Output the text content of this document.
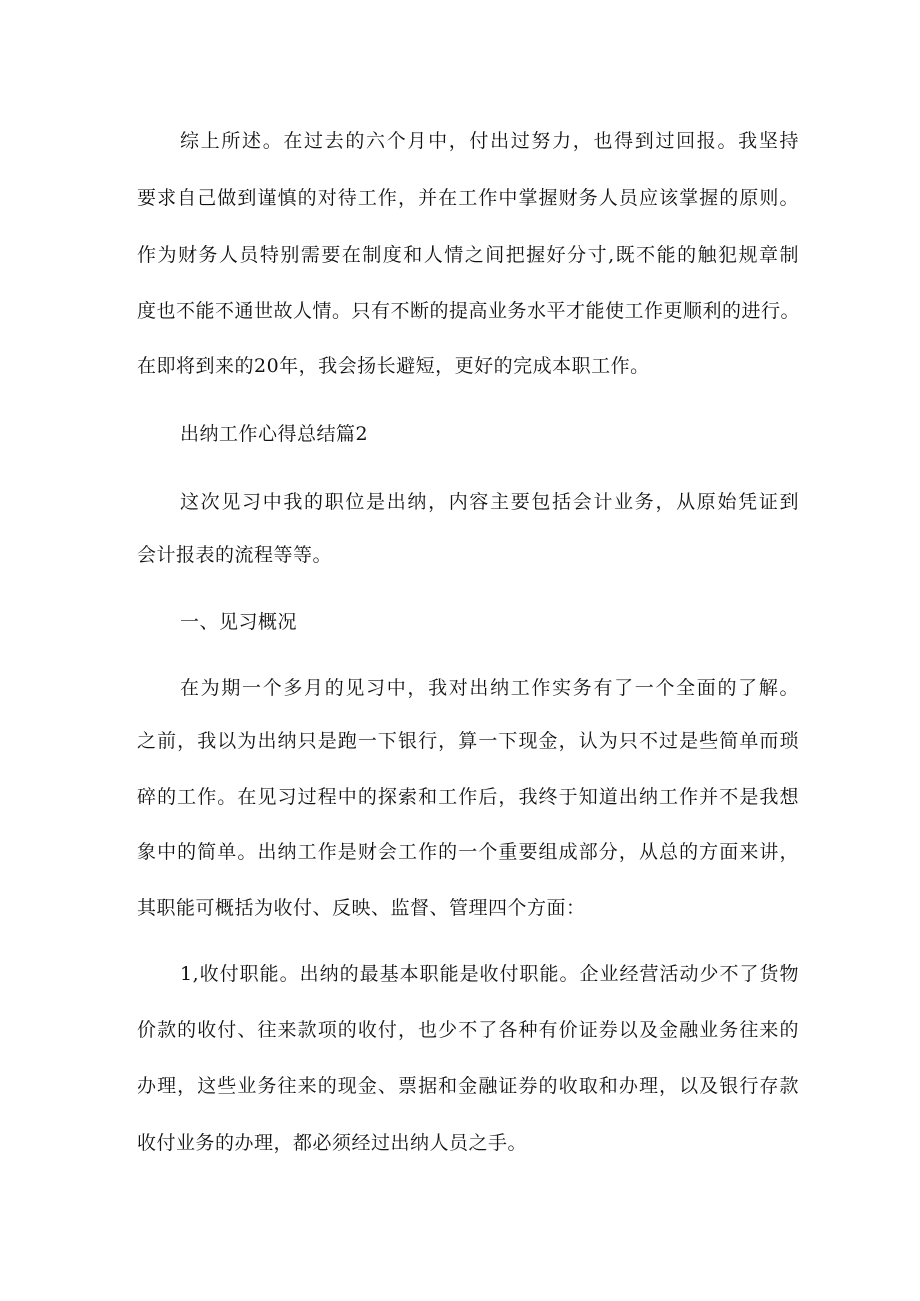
综上所述。在过去的六个月中，付出过努力，也得到过回报。我坚持
要求自己做到谨慎的对待工作，并在工作中掌握财务人员应该掌握的原则。
作为财务人员特别需要在制度和人情之间把握好分寸,既不能的触犯规章制
度也不能不通世故人情。只有不断的提高业务水平才能使工作更顺利的进行。
在即将到来的20年，我会扬长避短，更好的完成本职工作。
出纳工作心得总结篇2
这次见习中我的职位是出纳，内容主要包括会计业务，从原始凭证到
会计报表的流程等等。
一、见习概况
在为期一个多月的见习中，我对出纳工作实务有了一个全面的了解。
之前，我以为出纳只是跑一下银行，算一下现金，认为只不过是些简单而琐
碎的工作。在见习过程中的探索和工作后，我终于知道出纳工作并不是我想
象中的简单。出纳工作是财会工作的一个重要组成部分，从总的方面来讲，
其职能可概括为收付、反映、监督、管理四个方面：
1,收付职能。出纳的最基本职能是收付职能。企业经营活动少不了货物
价款的收付、往来款项的收付，也少不了各种有价证券以及金融业务往来的
办理，这些业务往来的现金、票据和金融证券的收取和办理，以及银行存款
收付业务的办理，都必须经过出纳人员之手。
